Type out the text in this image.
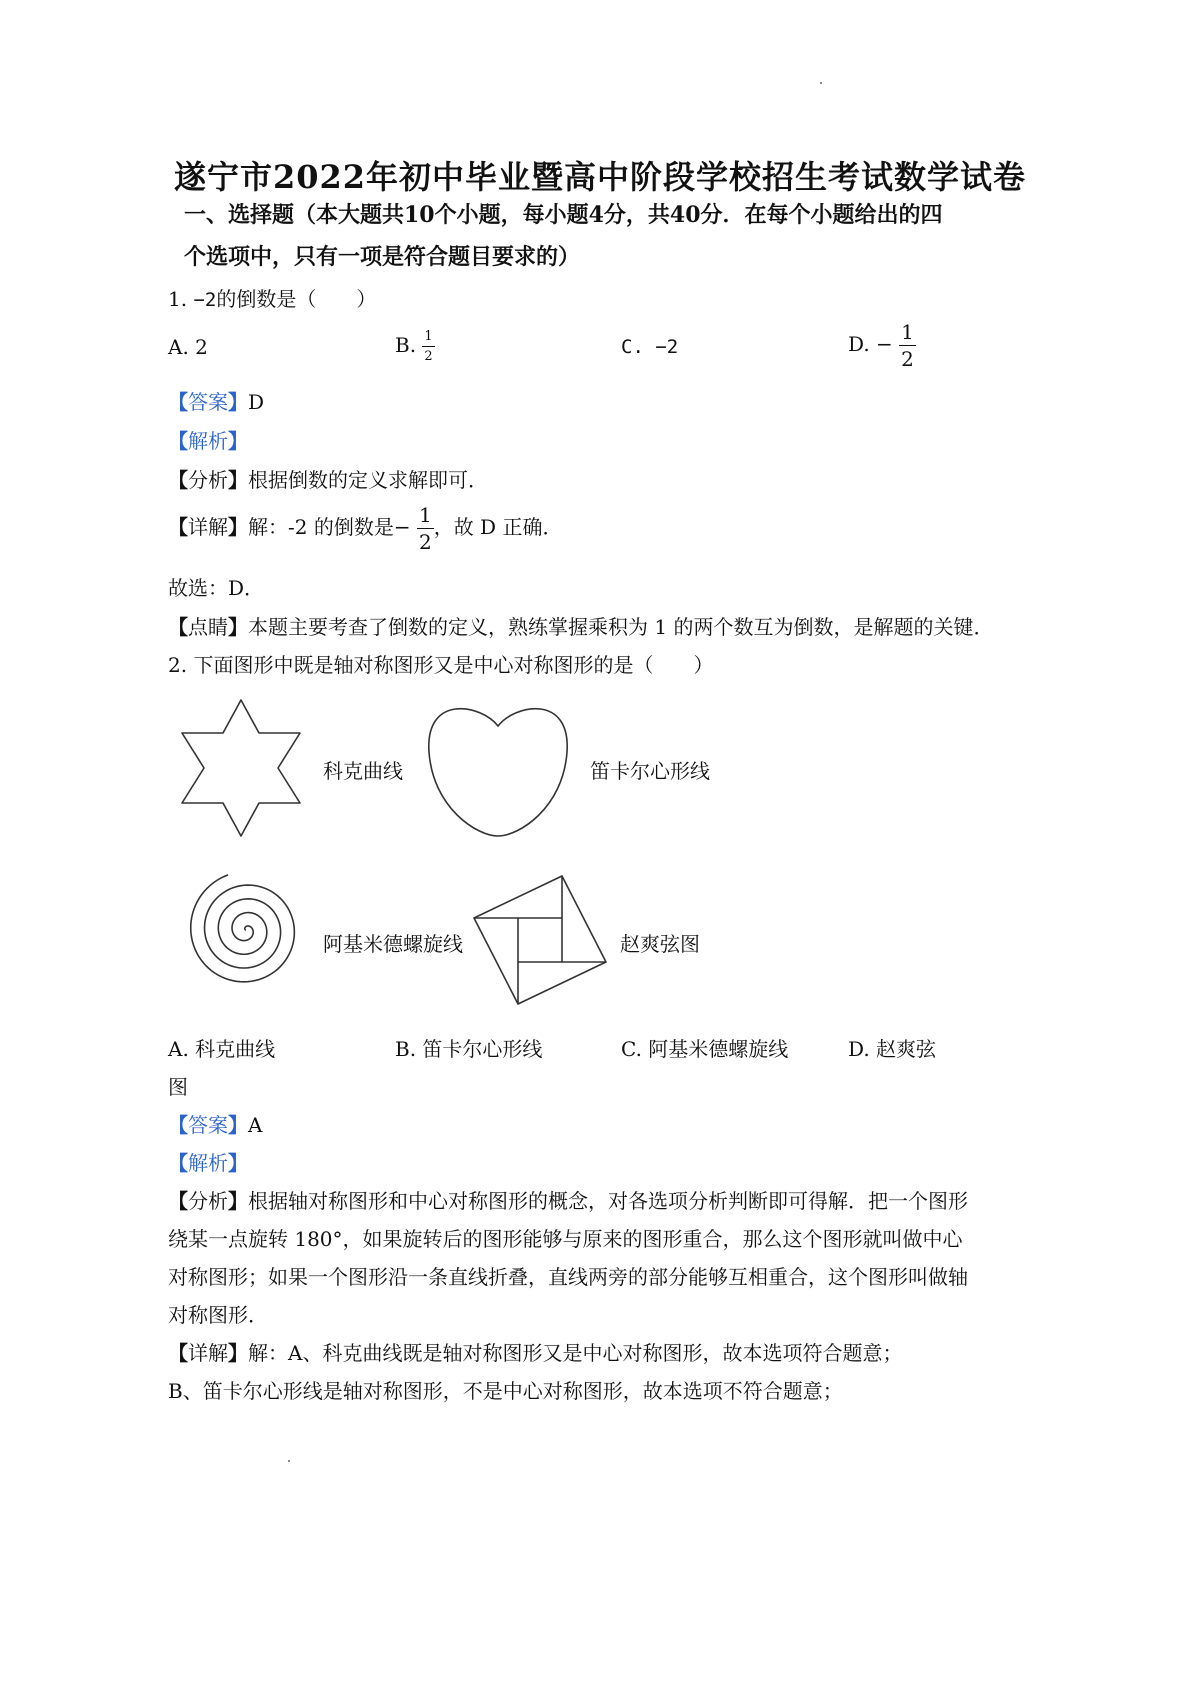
遂宁市2022年初中毕业暨高中阶段学校招生考试数学试卷
一、选择题（本大题共10个小题，每小题4分，共40分．在每个小题给出的四
个选项中，只有一项是符合题目要求的）
1. −2的倒数是（　　）
A. 2	B. $\frac{1}{2}$	C. −2	D. − $\frac{1}{2}$
【答案】D
【解析】
【分析】根据倒数的定义求解即可．
【详解】解：-2 的倒数是− $\frac{1}{2}$ ，故 D 正确．
故选：D．
【点睛】本题主要考查了倒数的定义，熟练掌握乘积为 1 的两个数互为倒数，是解题的关键．
2. 下面图形中既是轴对称图形又是中心对称图形的是（　　）
科克曲线	笛卡尔心形线
阿基米德螺旋线	赵爽弦图
A. 科克曲线	B. 笛卡尔心形线	C. 阿基米德螺旋线	D. 赵爽弦
图
【答案】A
【解析】
【分析】根据轴对称图形和中心对称图形的概念，对各选项分析判断即可得解．把一个图形
绕某一点旋转 180°，如果旋转后的图形能够与原来的图形重合，那么这个图形就叫做中心
对称图形；如果一个图形沿一条直线折叠，直线两旁的部分能够互相重合，这个图形叫做轴
对称图形．
【详解】解：A、科克曲线既是轴对称图形又是中心对称图形，故本选项符合题意；
B、笛卡尔心形线是轴对称图形，不是中心对称图形，故本选项不符合题意；
